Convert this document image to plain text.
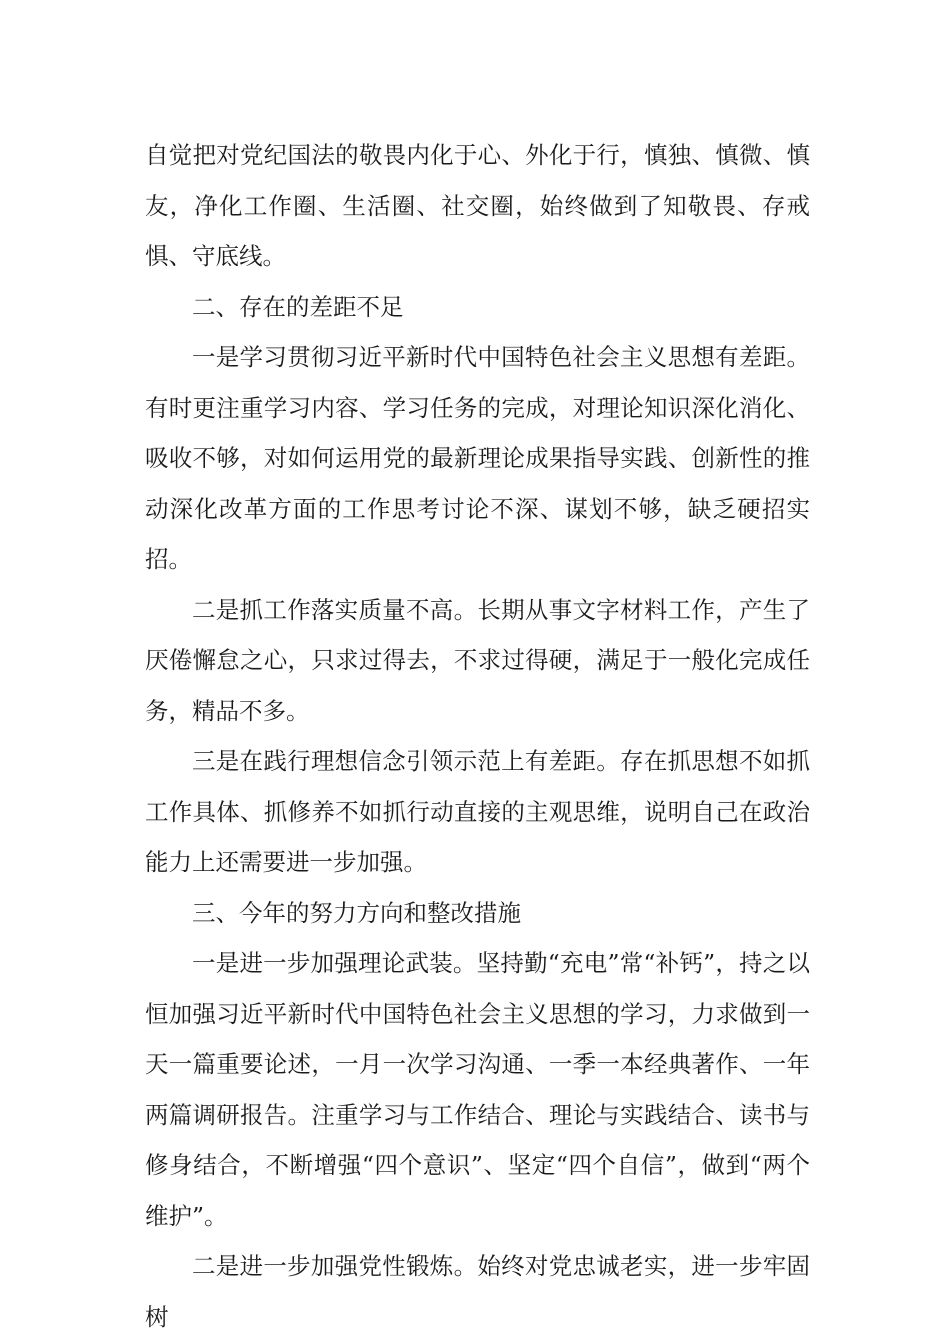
自觉把对党纪国法的敬畏内化于心、外化于行，慎独、慎微、慎友，净化工作圈、生活圈、社交圈，始终做到了知敬畏、存戒惧、守底线。

二、存在的差距不足

一是学习贯彻习近平新时代中国特色社会主义思想有差距。有时更注重学习内容、学习任务的完成，对理论知识深化消化、吸收不够，对如何运用党的最新理论成果指导实践、创新性的推动深化改革方面的工作思考讨论不深、谋划不够，缺乏硬招实招。

二是抓工作落实质量不高。长期从事文字材料工作，产生了厌倦懈怠之心，只求过得去，不求过得硬，满足于一般化完成任务，精品不多。

三是在践行理想信念引领示范上有差距。存在抓思想不如抓工作具体、抓修养不如抓行动直接的主观思维，说明自己在政治能力上还需要进一步加强。

三、今年的努力方向和整改措施

一是进一步加强理论武装。坚持勤“充电”常“补钙”，持之以恒加强习近平新时代中国特色社会主义思想的学习，力求做到一天一篇重要论述，一月一次学习沟通、一季一本经典著作、一年两篇调研报告。注重学习与工作结合、理论与实践结合、读书与修身结合，不断增强“四个意识”、坚定“四个自信”，做到“两个维护”。

二是进一步加强党性锻炼。始终对党忠诚老实，进一步牢固树
